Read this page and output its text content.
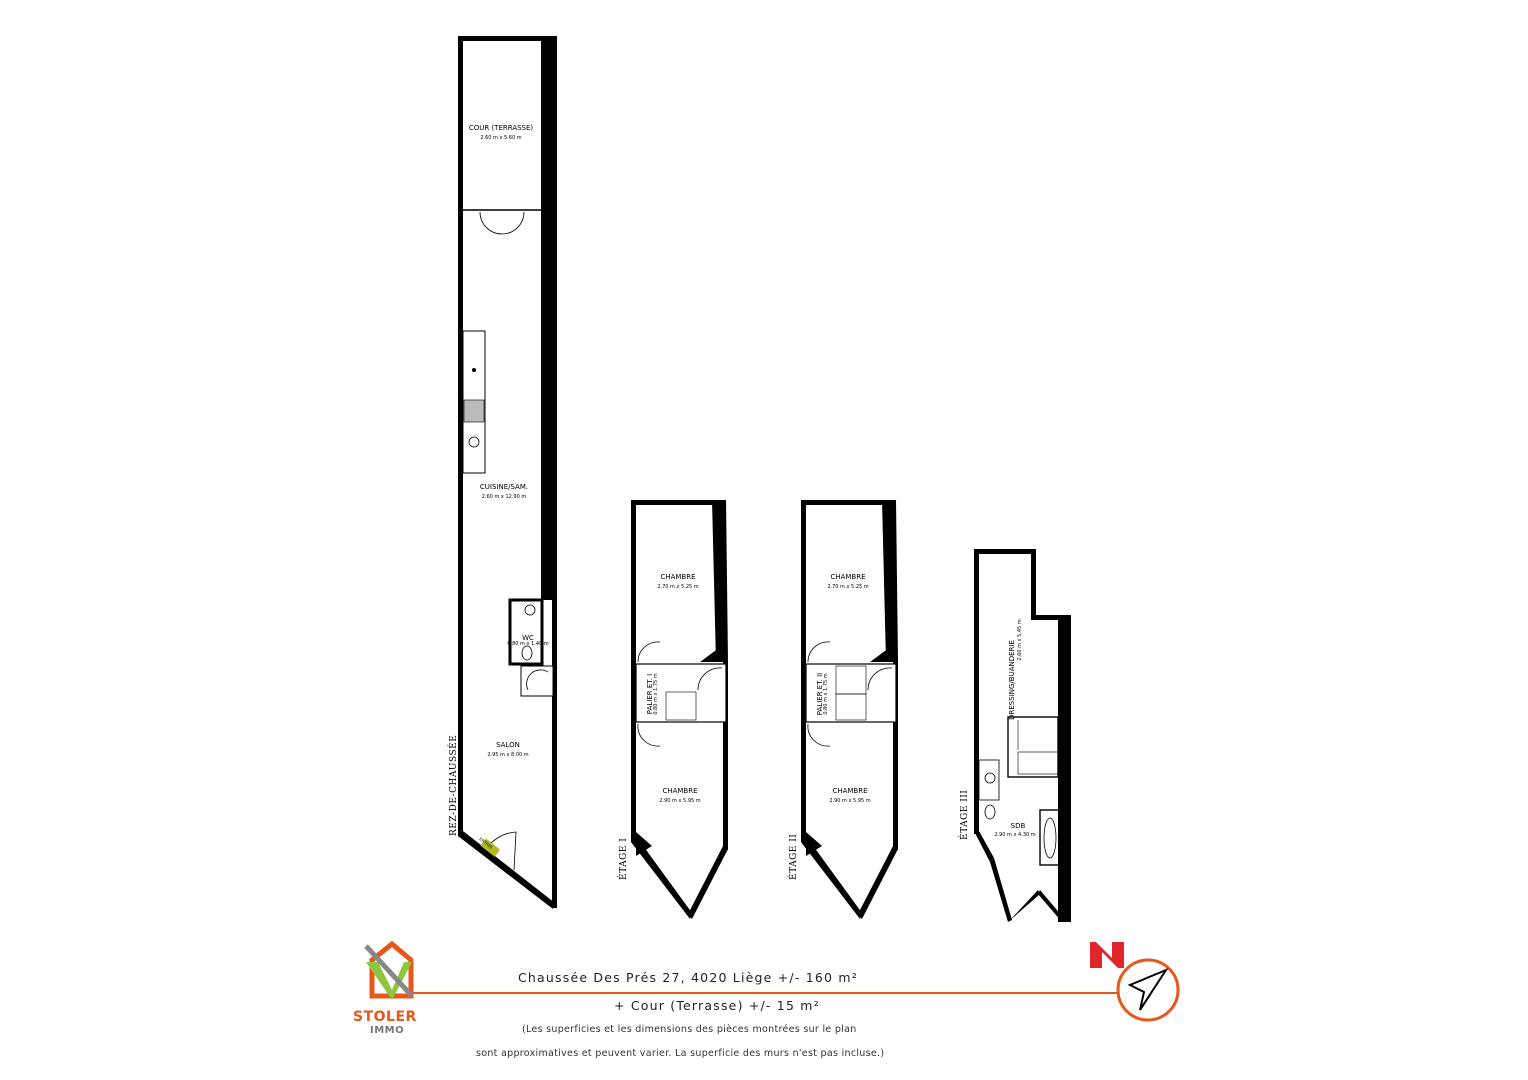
ENTRÉE
COUR (TERRASSE)
2.60 m x 5.60 m
CUISINE/SAM.
2.60 m x 12.90 m
WC
0.80 m x 1.40 m
SALON
2.95 m x 8.00 m
REZ-DE-CHAUSSÉE
CHAMBRE
2.70 m x 5.25 m
PALIER ET. I 0.80 m x 1.75 m
CHAMBRE
2.90 m x 5.95 m
ÉTAGE I
CHAMBRE
2.70 m x 5.25 m
PALIER ET. II 0.80 m x 1.75 m
CHAMBRE
2.90 m x 5.95 m
ÉTAGE II
DRESSING/BUANDERIE
2.60 m x 5.45 m
SDB
2.90 m x 4.30 m
ÉTAGE III
STOLER
IMMO
Chaussée Des Prés 27, 4020 Liège +/- 160 m²
+ Cour (Terrasse) +/- 15 m²
(Les superficies et les dimensions des pièces montrées sur le plan
sont approximatives et peuvent varier. La superficie des murs n'est pas incluse.)
